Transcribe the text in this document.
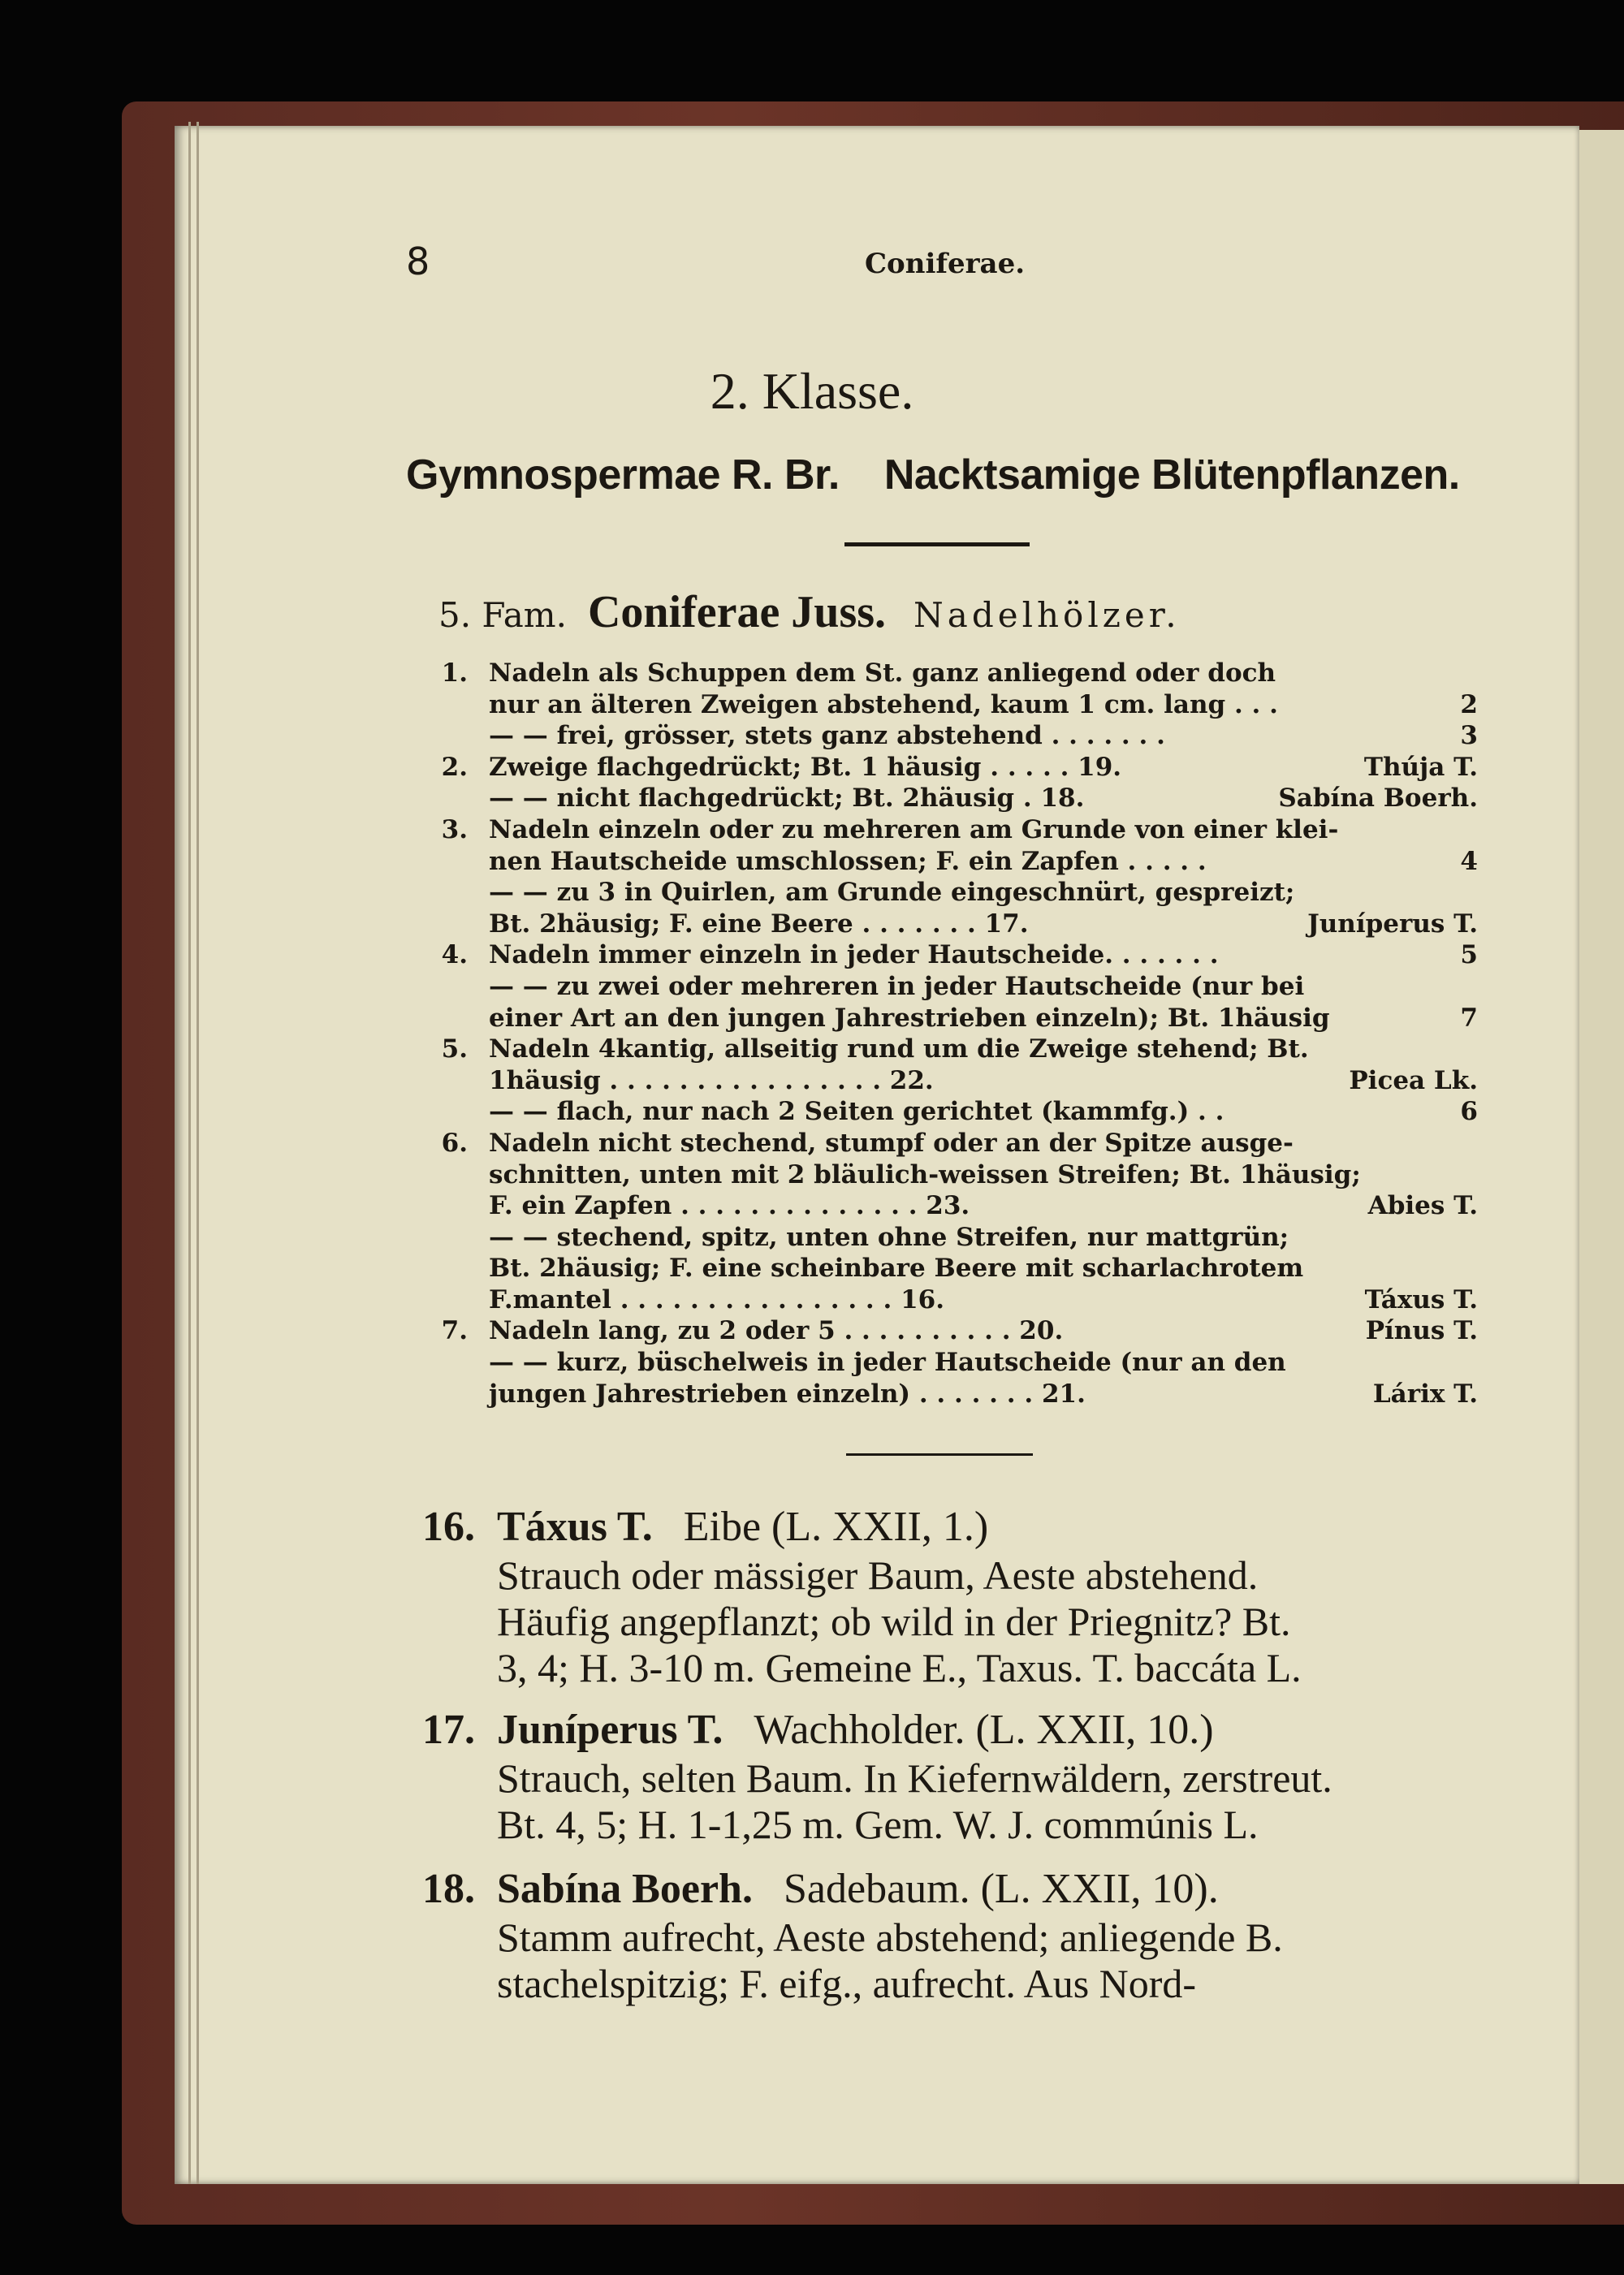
8	Coniferae.
2. Klasse.
Gymnospermae R. Br. Nacktsamige Blütenpflanzen.
5. Fam. Coniferae Juss. Nadelhölzer.
1. Nadeln als Schuppen dem St. ganz anliegend oder doch
nur an älteren Zweigen abstehend, kaum 1 cm. lang . . .	2
— — frei, grösser, stets ganz abstehend . . . . . . .	3
2. Zweige flachgedrückt; Bt. 1 häusig . . . . . 19.	Thúja T.
— — nicht flachgedrückt; Bt. 2häusig . 18.	Sabína Boerh.
3. Nadeln einzeln oder zu mehreren am Grunde von einer klei-
nen Hautscheide umschlossen; F. ein Zapfen . . . . .	4
— — zu 3 in Quirlen, am Grunde eingeschnürt, gespreizt;
Bt. 2häusig; F. eine Beere . . . . . . . 17.	Juníperus T.
4. Nadeln immer einzeln in jeder Hautscheide. . . . . . .	5
— — zu zwei oder mehreren in jeder Hautscheide (nur bei
einer Art an den jungen Jahrestrieben einzeln); Bt. 1häusig	7
5. Nadeln 4kantig, allseitig rund um die Zweige stehend; Bt.
1häusig . . . . . . . . . . . . . . . . 22.	Picea Lk.
— — flach, nur nach 2 Seiten gerichtet (kammfg.) . .	6
6. Nadeln nicht stechend, stumpf oder an der Spitze ausge-
schnitten, unten mit 2 bläulich-weissen Streifen; Bt. 1häusig;
F. ein Zapfen . . . . . . . . . . . . . . 23.	Abies T.
— — stechend, spitz, unten ohne Streifen, nur mattgrün;
Bt. 2häusig; F. eine scheinbare Beere mit scharlachrotem
F.mantel . . . . . . . . . . . . . . . . 16.	Táxus T.
7. Nadeln lang, zu 2 oder 5 . . . . . . . . . . 20.	Pínus T.
— — kurz, büschelweis in jeder Hautscheide (nur an den
jungen Jahrestrieben einzeln) . . . . . . . 21.	Lárix T.
16. Táxus T. Eibe (L. XXII, 1.)
Strauch oder mässiger Baum, Aeste abstehend.
Häufig angepflanzt; ob wild in der Priegnitz? Bt.
3, 4; H. 3-10 m. Gemeine E., Taxus. T. baccáta L.
17. Juníperus T. Wachholder. (L. XXII, 10.)
Strauch, selten Baum. In Kiefernwäldern, zerstreut.
Bt. 4, 5; H. 1-1,25 m. Gem. W. J. commúnis L.
18. Sabína Boerh. Sadebaum. (L. XXII, 10).
Stamm aufrecht, Aeste abstehend; anliegende B.
stachelspitzig; F. eifg., aufrecht. Aus Nord-
